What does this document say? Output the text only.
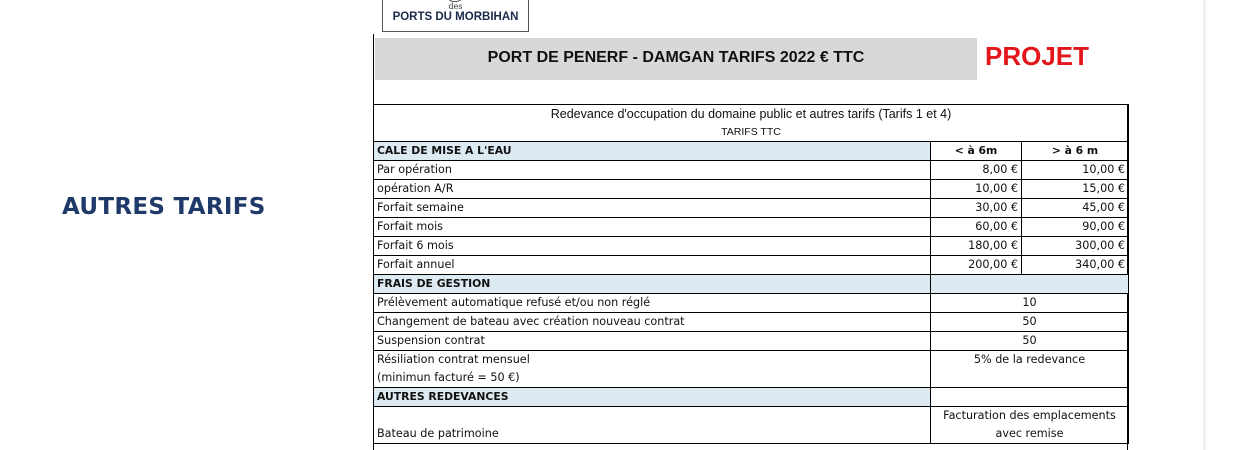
AUTRES TARIFS
des
PORTS DU MORBIHAN
PORT DE PENERF - DAMGAN TARIFS 2022 € TTC	PROJET
Redevance d'occupation du domaine public et autres tarifs (Tarifs 1 et 4)
TARIFS TTC		

CALE DE MISE A L'EAU	< à 6m	> à 6 m
Par opération	8,00 €	10,00 €
opération A/R	10,00 €	15,00 €
Forfait semaine	30,00 €	45,00 €
Forfait mois	60,00 €	90,00 €
Forfait 6 mois	180,00 €	300,00 €
Forfait annuel	200,00 €	340,00 €
FRAIS DE GESTION		
Prélèvement automatique refusé et/ou non réglé	10	
Changement de bateau avec création nouveau contrat	50	
Suspension contrat	50	
Résiliation contrat mensuel
(minimun facturé = 50 €)	5% de la redevance	
AUTRES REDEVANCES		
Bateau de patrimoine	Facturation des emplacements
avec remise	
